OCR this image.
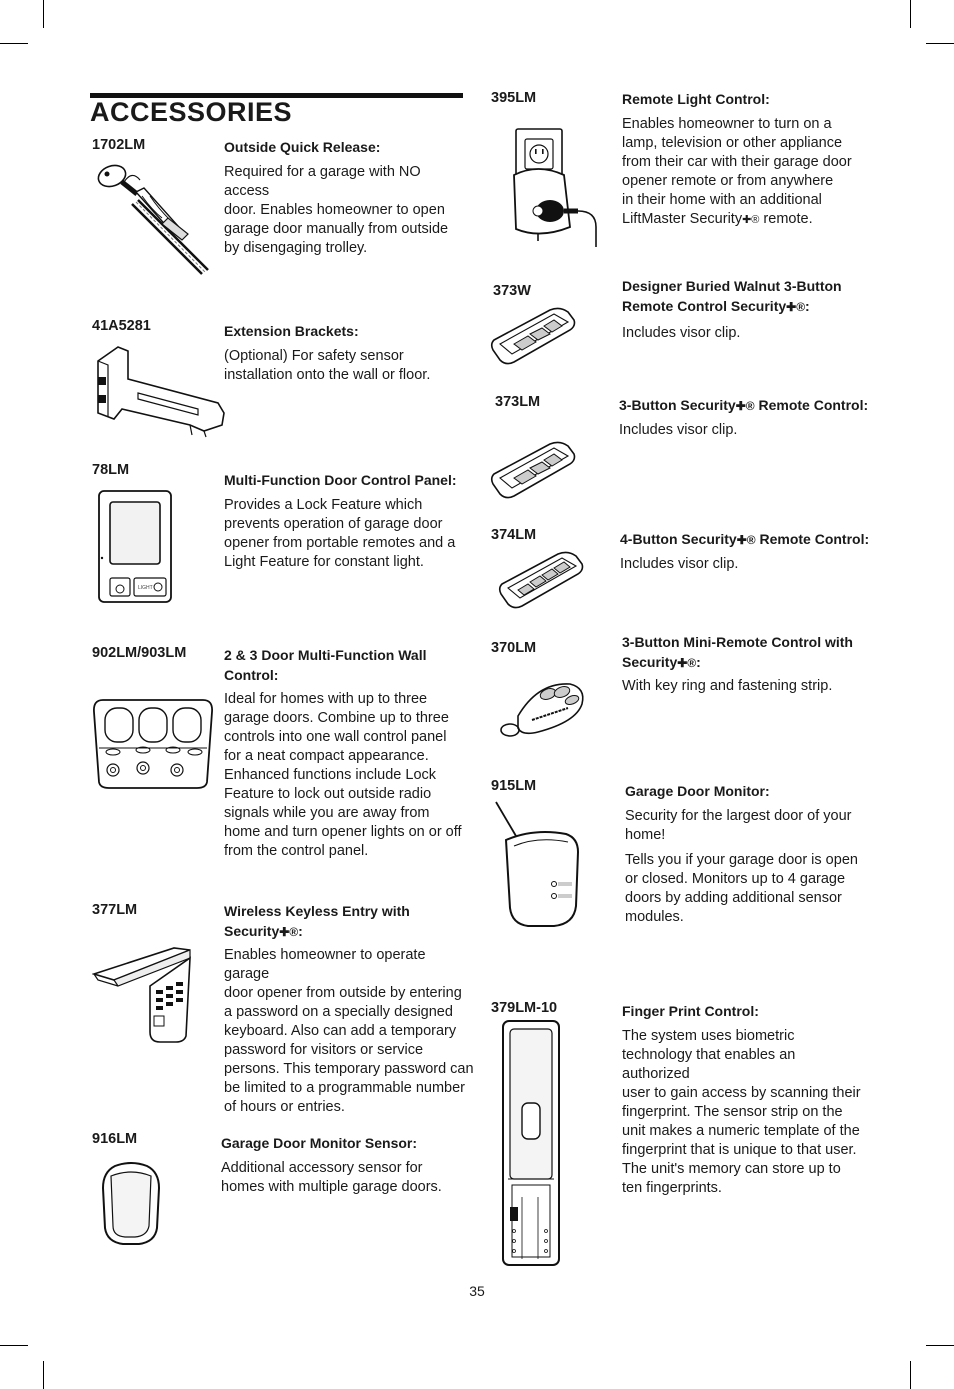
ACCESSORIES
1702LM	Outside Quick Release:
Required for a garage with NO access
door. Enables homeowner to open
garage door manually from outside
by disengaging trolley.
41A5281	Extension Brackets:
(Optional) For safety sensor
installation onto the wall or floor.
78LM
Multi-Function Door Control Panel:
Provides a Lock Feature which
prevents operation of garage door
opener from portable remotes and a
Light Feature for constant light.
LIGHT
902LM/903LM	2 & 3 Door Multi-Function Wall
Control:
Ideal for homes with up to three
garage doors. Combine up to three
controls into one wall control panel
for a neat compact appearance.
Enhanced functions include Lock
Feature to lock out outside radio
signals while you are away from
home and turn opener lights on or off
from the control panel.
377LM	Wireless Keyless Entry with
Security✚®:
Enables homeowner to operate garage
door opener from outside by entering
a password on a specially designed
keyboard. Also can add a temporary
password for visitors or service
persons. This temporary password can
be limited to a programmable number
of hours or entries.
916LM	Garage Door Monitor Sensor:
Additional accessory sensor for
homes with multiple garage doors.
395LM	Remote Light Control:
Enables homeowner to turn on a
lamp, television or other appliance
from their car with their garage door
opener remote or from anywhere
in their home with an additional
LiftMaster Security✚® remote.
373W	Designer Buried Walnut 3-Button
Remote Control Security✚®:
Includes visor clip.
373LM	3-Button Security✚® Remote Control:
Includes visor clip.
374LM	4-Button Security✚® Remote Control:
Includes visor clip.
370LM	3-Button Mini-Remote Control with
Security✚®:
With key ring and fastening strip.
915LM	Garage Door Monitor:
Security for the largest door of your
home!
Tells you if your garage door is open
or closed. Monitors up to 4 garage
doors by adding additional sensor
modules.
379LM-10	Finger Print Control:
The system uses biometric
technology that enables an authorized
user to gain access by scanning their
fingerprint. The sensor strip on the
unit makes a numeric template of the
fingerprint that is unique to that user.
The unit's memory can store up to
ten fingerprints.
35
